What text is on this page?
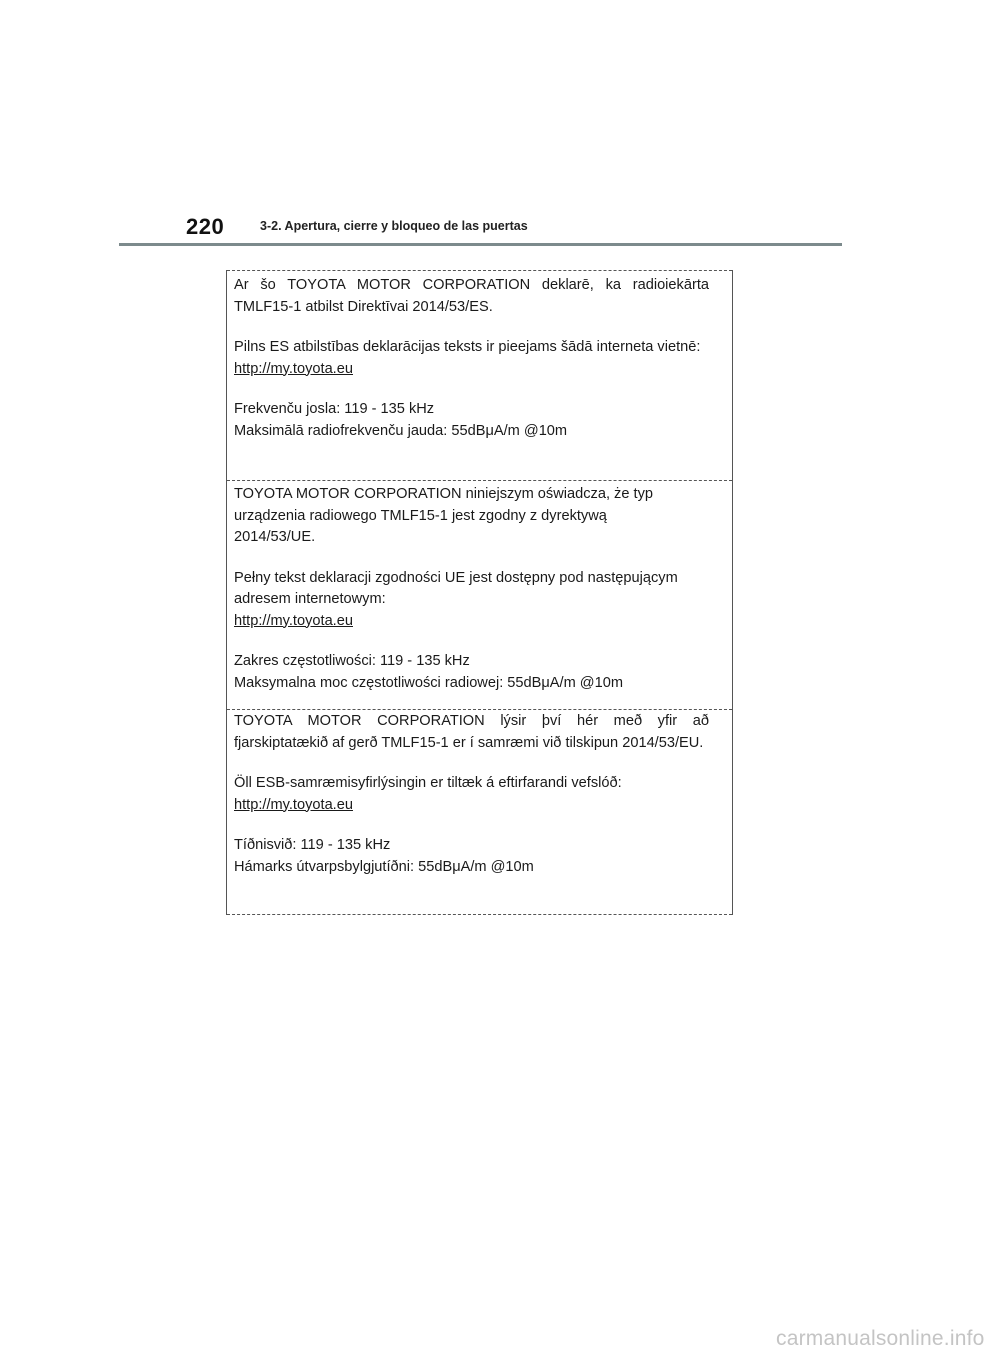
220	3-2. Apertura, cierre y bloqueo de las puertas

Ar šo TOYOTA MOTOR CORPORATION deklarē, ka radioiekārta TMLF15-1 atbilst Direktīvai 2014/53/ES.

Pilns ES atbilstības deklarācijas teksts ir pieejams šādā interneta vietnē:

http://my.toyota.eu

Frekvenču josla: 119 - 135 kHz

Maksimālā radiofrekvenču jauda: 55dBμA/m @10m

TOYOTA MOTOR CORPORATION niniejszym oświadcza, że typ urządzenia radiowego TMLF15-1 jest zgodny z dyrektywą 2014/53/UE.

Pełny tekst deklaracji zgodności UE jest dostępny pod następującym adresem internetowym:

http://my.toyota.eu

Zakres częstotliwości: 119 - 135 kHz

Maksymalna moc częstotliwości radiowej: 55dBμA/m @10m

TOYOTA MOTOR CORPORATION lýsir því hér með yfir að fjarskiptatækið af gerð TMLF15-1 er í samræmi við tilskipun 2014/53/EU.

Öll ESB-samræmisyfirlýsingin er tiltæk á eftirfarandi vefslóð:

http://my.toyota.eu

Tíðnisvið: 119 - 135 kHz

Hámarks útvarpsbylgjutíðni: 55dBμA/m @10m

carmanualsonline.info
